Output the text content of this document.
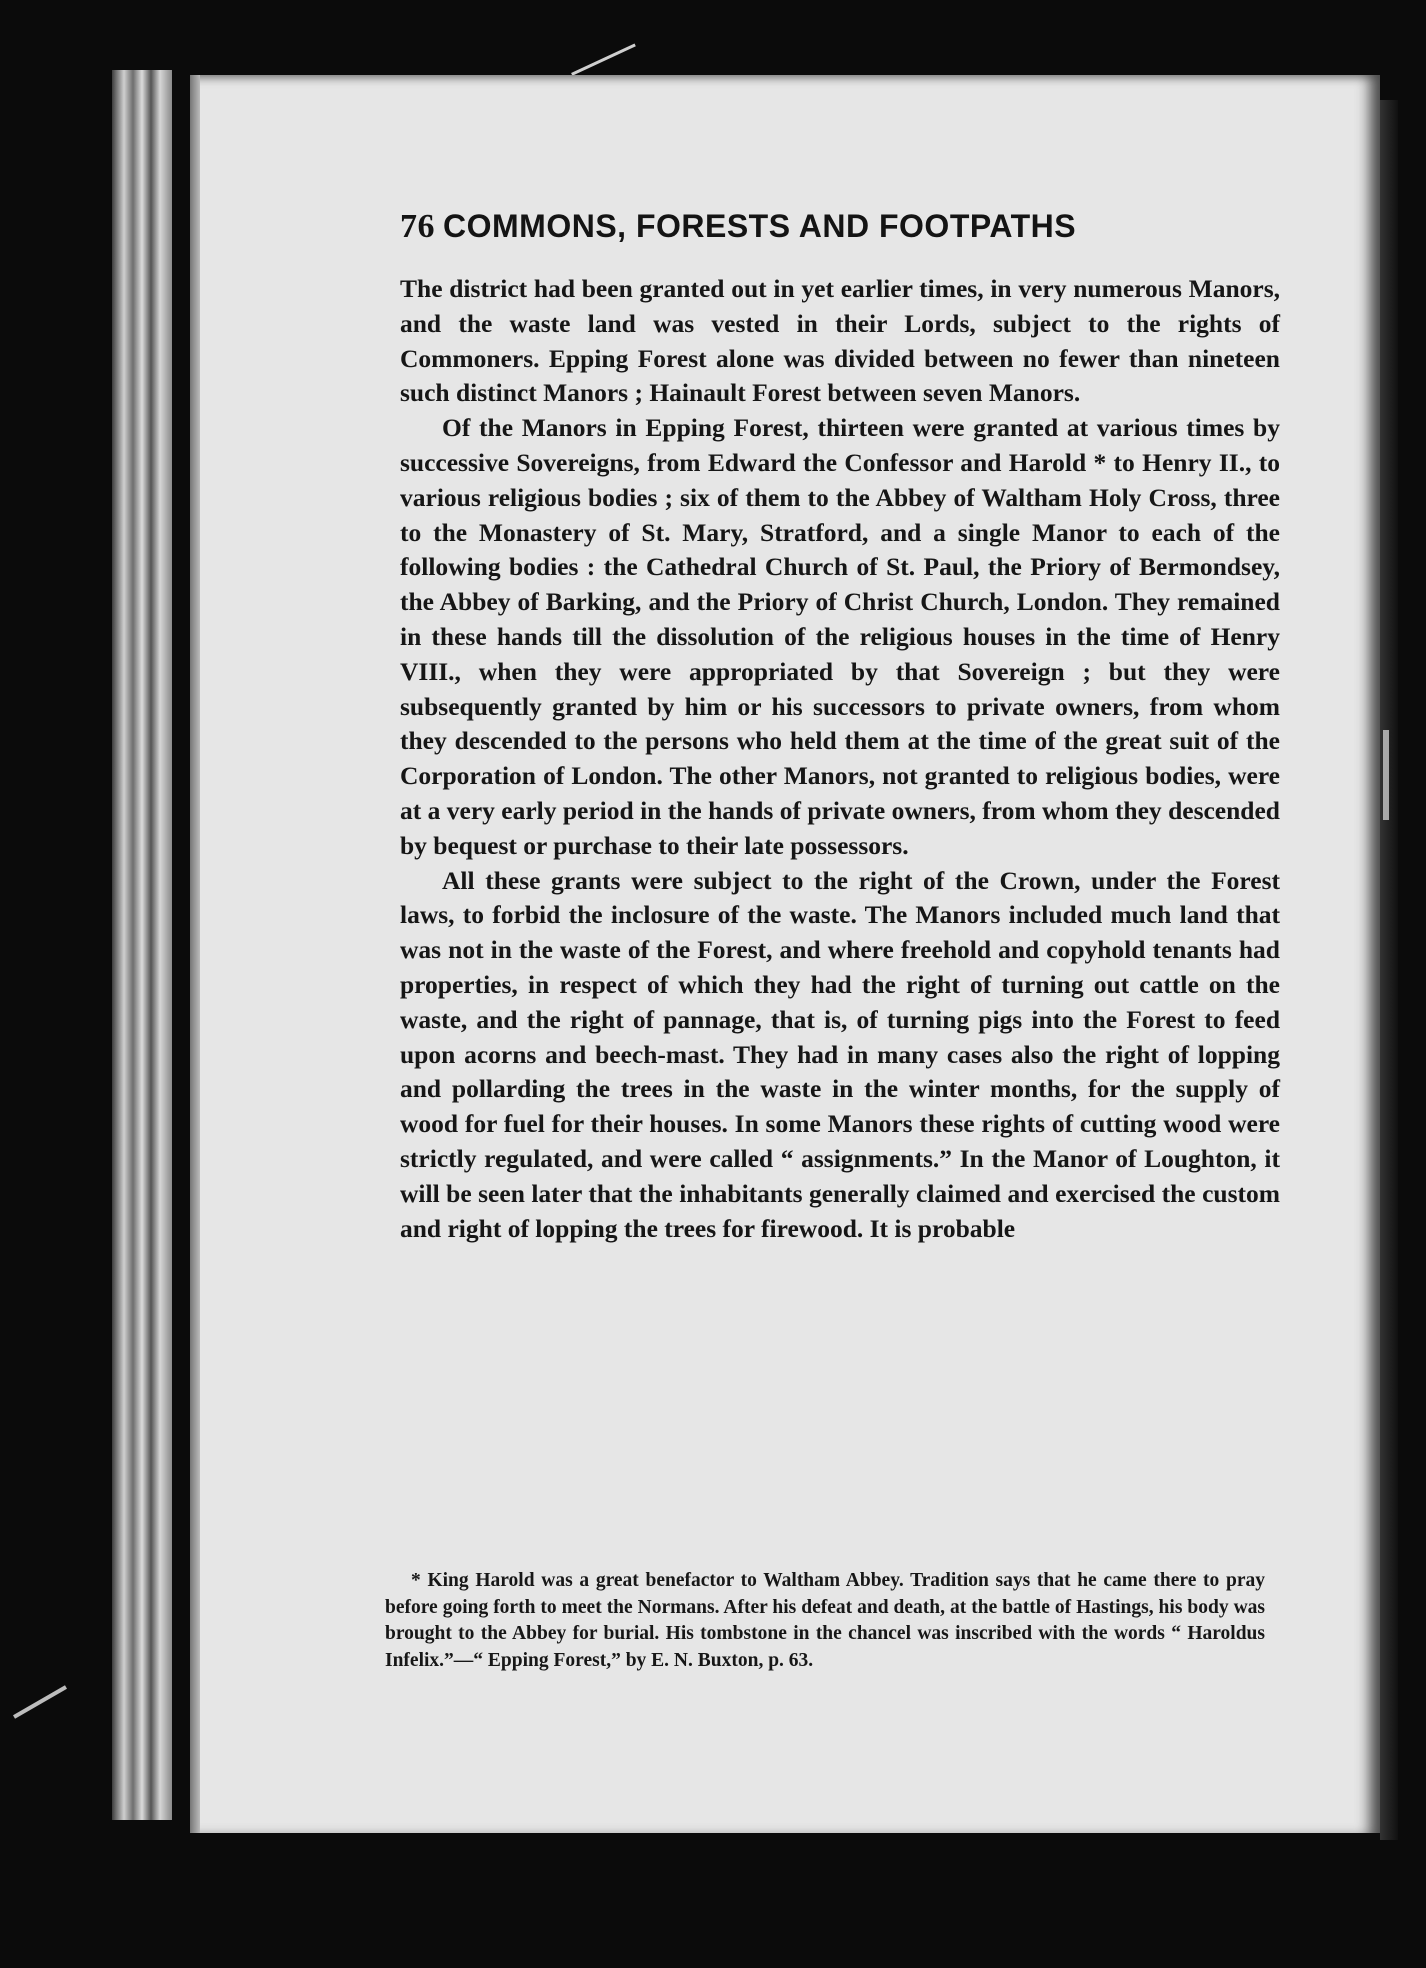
76 COMMONS, FORESTS AND FOOTPATHS

The district had been granted out in yet earlier times, in very numerous Manors, and the waste land was vested in their Lords, subject to the rights of Commoners. Epping Forest alone was divided between no fewer than nineteen such distinct Manors ; Hainault Forest between seven Manors.

Of the Manors in Epping Forest, thirteen were granted at various times by successive Sovereigns, from Edward the Confessor and Harold * to Henry II., to various religious bodies ; six of them to the Abbey of Waltham Holy Cross, three to the Monastery of St. Mary, Stratford, and a single Manor to each of the following bodies : the Cathedral Church of St. Paul, the Priory of Bermondsey, the Abbey of Barking, and the Priory of Christ Church, London. They remained in these hands till the dissolution of the religious houses in the time of Henry VIII., when they were appropriated by that Sovereign ; but they were subsequently granted by him or his successors to private owners, from whom they descended to the persons who held them at the time of the great suit of the Corporation of London. The other Manors, not granted to religious bodies, were at a very early period in the hands of private owners, from whom they descended by bequest or purchase to their late possessors.

All these grants were subject to the right of the Crown, under the Forest laws, to forbid the inclosure of the waste. The Manors included much land that was not in the waste of the Forest, and where freehold and copyhold tenants had properties, in respect of which they had the right of turning out cattle on the waste, and the right of pannage, that is, of turning pigs into the Forest to feed upon acorns and beech-mast. They had in many cases also the right of lopping and pollarding the trees in the waste in the winter months, for the supply of wood for fuel for their houses. In some Manors these rights of cutting wood were strictly regulated, and were called “ assignments.” In the Manor of Loughton, it will be seen later that the inhabitants generally claimed and exercised the custom and right of lopping the trees for firewood. It is probable

* King Harold was a great benefactor to Waltham Abbey. Tradition says that he came there to pray before going forth to meet the Normans. After his defeat and death, at the battle of Hastings, his body was brought to the Abbey for burial. His tombstone in the chancel was inscribed with the words “ Haroldus Infelix.”—“ Epping Forest,” by E. N. Buxton, p. 63.
